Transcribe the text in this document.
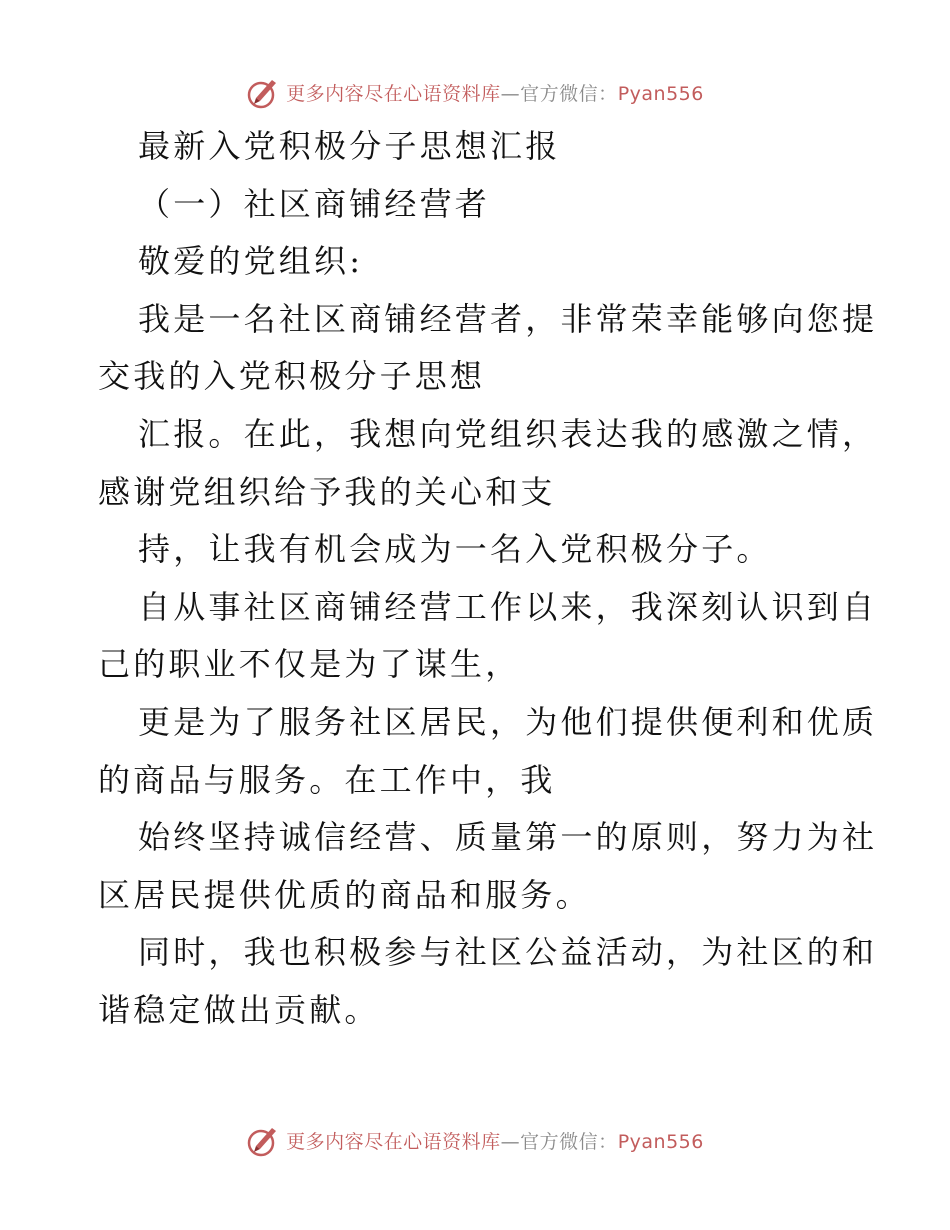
更多内容尽在心语资料库—官方微信：Pyan556
最新入党积极分子思想汇报
（一）社区商铺经营者
敬爱的党组织:
我是一名社区商铺经营者，非常荣幸能够向您提
交我的入党积极分子思想
汇报。在此，我想向党组织表达我的感激之情，
感谢党组织给予我的关心和支
持，让我有机会成为一名入党积极分子。
自从事社区商铺经营工作以来，我深刻认识到自
己的职业不仅是为了谋生，
更是为了服务社区居民，为他们提供便利和优质
的商品与服务。在工作中，我
始终坚持诚信经营、质量第一的原则，努力为社
区居民提供优质的商品和服务。
同时，我也积极参与社区公益活动，为社区的和
谐稳定做出贡献。
更多内容尽在心语资料库—官方微信：Pyan556
